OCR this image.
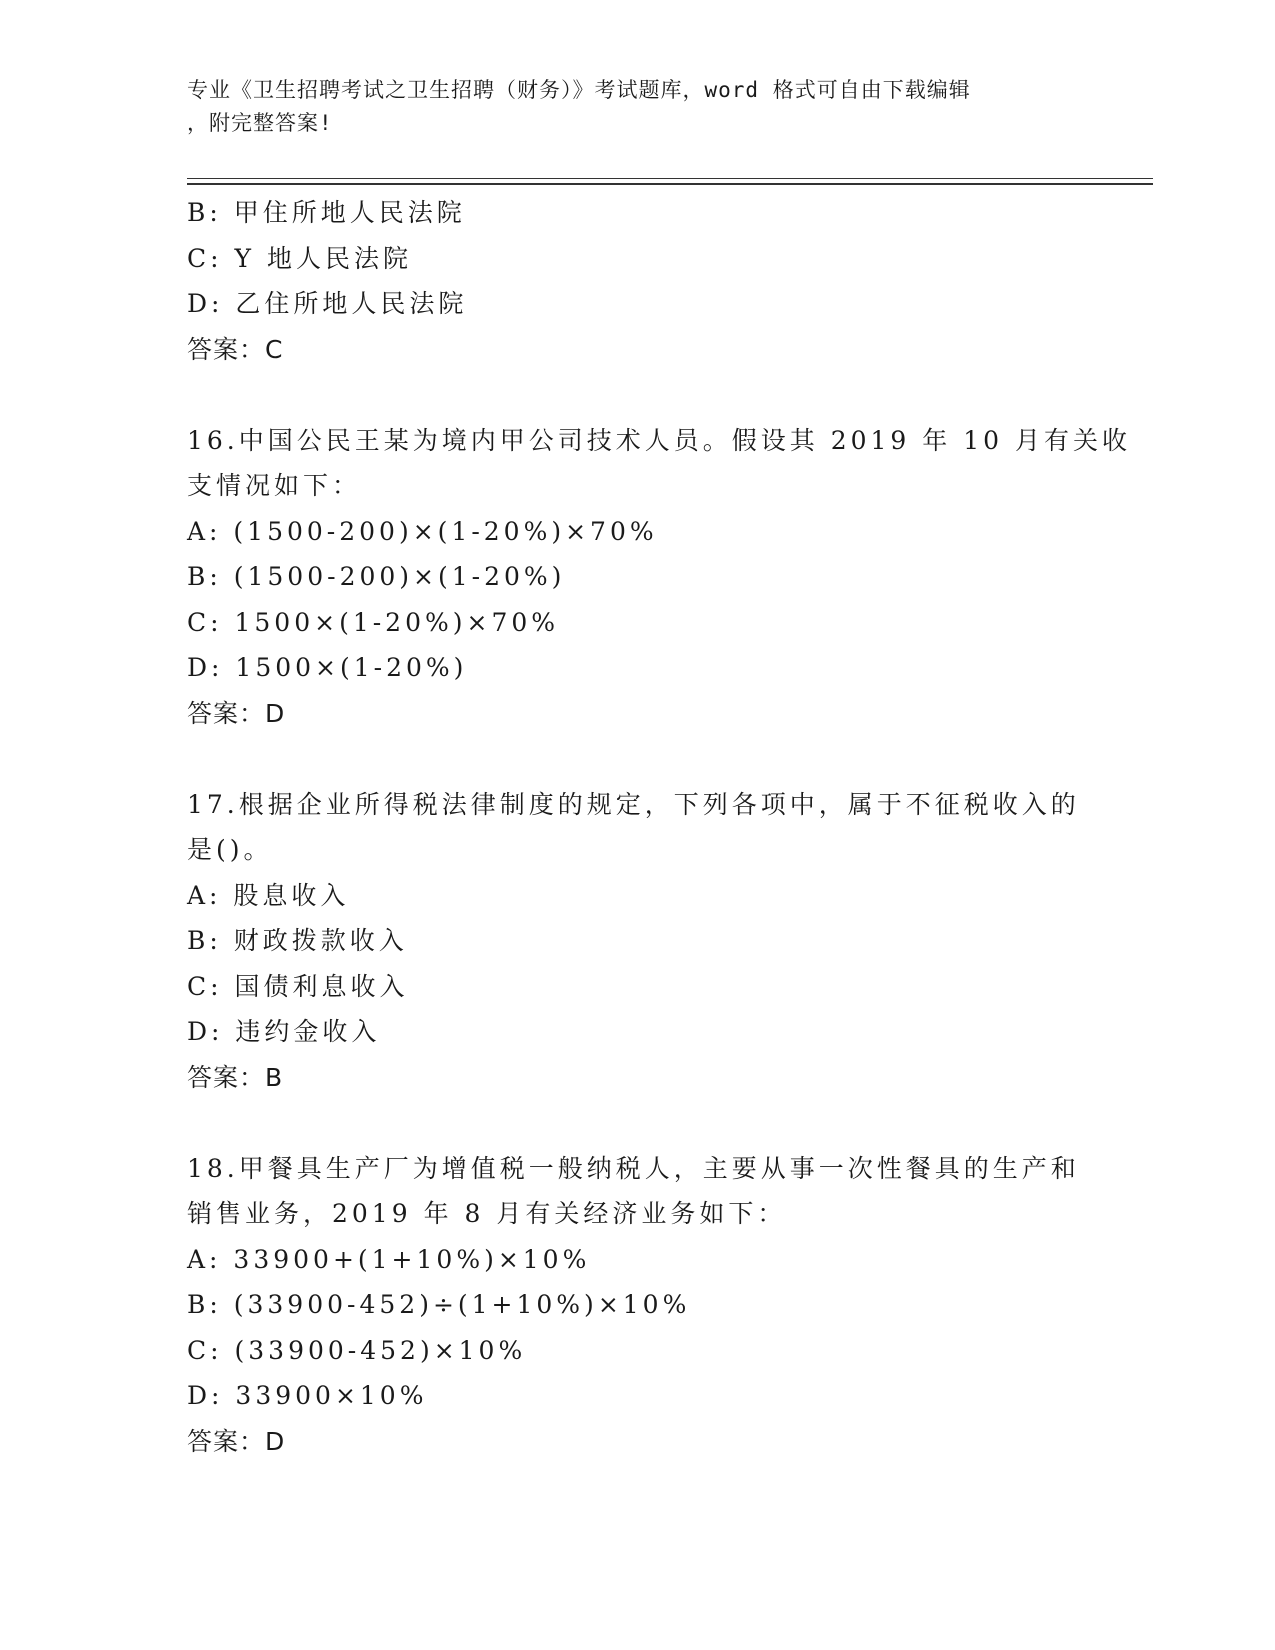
专业《卫生招聘考试之卫生招聘（财务）》考试题库，word 格式可自由下载编辑
，附完整答案!
B: 甲住所地人民法院
C: Y 地人民法院
D: 乙住所地人民法院
答案：C
16.中国公民王某为境内甲公司技术人员。假设其 2019 年 10 月有关收
支情况如下：
A: (1500-200)×(1-20%)×70%
B: (1500-200)×(1-20%)
C: 1500×(1-20%)×70%
D: 1500×(1-20%)
答案：D
17.根据企业所得税法律制度的规定，下列各项中，属于不征税收入的
是()。
A: 股息收入
B: 财政拨款收入
C: 国债利息收入
D: 违约金收入
答案：B
18.甲餐具生产厂为增值税一般纳税人，主要从事一次性餐具的生产和
销售业务，2019 年 8 月有关经济业务如下：
A: 33900+(1+10%)×10%
B: (33900-452)÷(1+10%)×10%
C: (33900-452)×10%
D: 33900×10%
答案：D
